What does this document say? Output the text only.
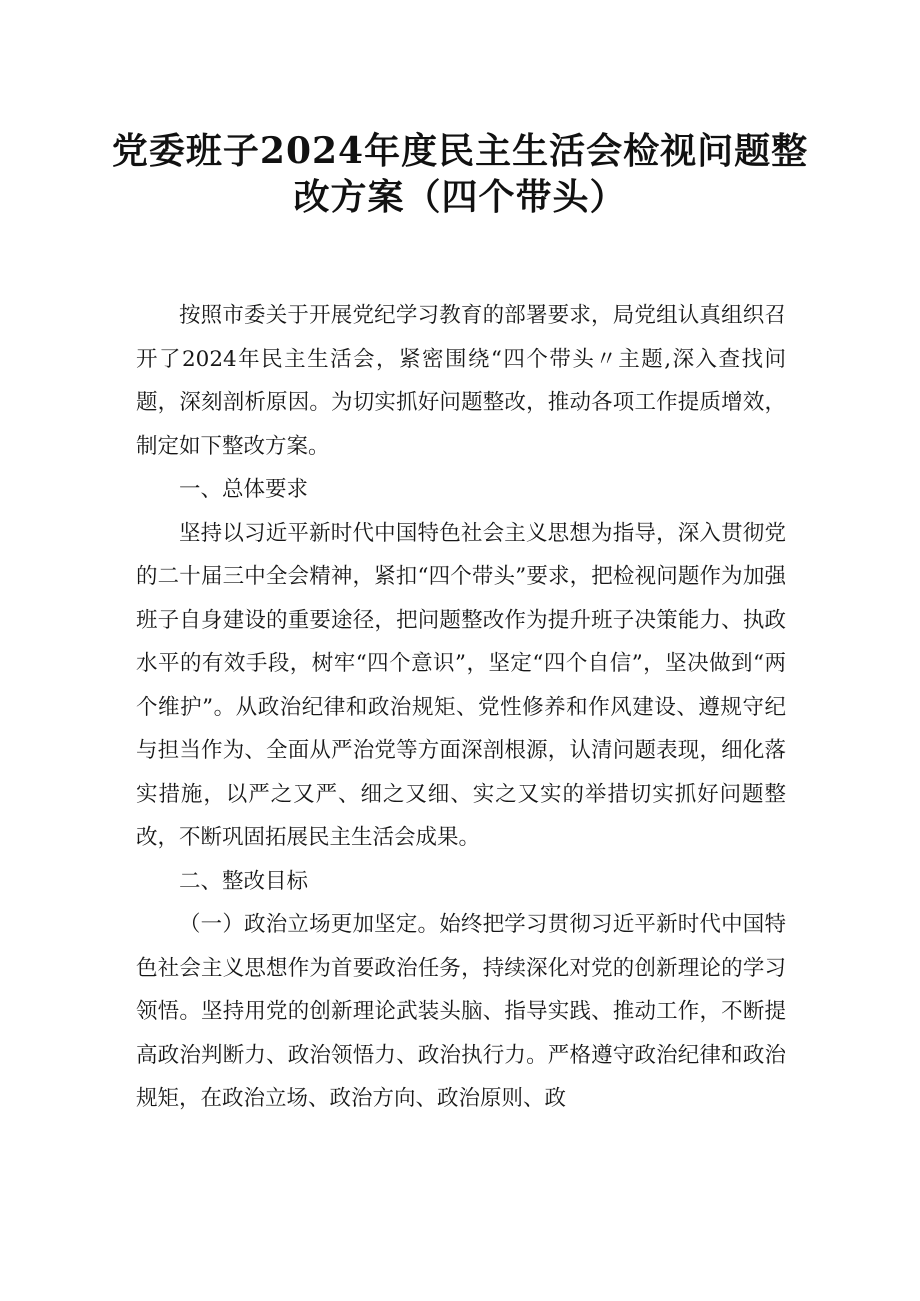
党委班子2024年度民主生活会检视问题整
改方案（四个带头）

按照市委关于开展党纪学习教育的部署要求，局党组认真组织召开了2024年民主生活会，紧密围绕“四个带头〃主题,深入查找问题，深刻剖析原因。为切实抓好问题整改，推动各项工作提质增效，制定如下整改方案。

一、总体要求

坚持以习近平新时代中国特色社会主义思想为指导，深入贯彻党的二十届三中全会精神，紧扣“四个带头”要求，把检视问题作为加强班子自身建设的重要途径，把问题整改作为提升班子决策能力、执政水平的有效手段，树牢“四个意识”，坚定“四个自信”，坚决做到“两个维护”。从政治纪律和政治规矩、党性修养和作风建设、遵规守纪与担当作为、全面从严治党等方面深剖根源，认清问题表现，细化落实措施，以严之又严、细之又细、实之又实的举措切实抓好问题整改，不断巩固拓展民主生活会成果。

二、整改目标

（一）政治立场更加坚定。始终把学习贯彻习近平新时代中国特色社会主义思想作为首要政治任务，持续深化对党的创新理论的学习领悟。坚持用党的创新理论武装头脑、指导实践、推动工作，不断提高政治判断力、政治领悟力、政治执行力。严格遵守政治纪律和政治规矩，在政治立场、政治方向、政治原则、政
